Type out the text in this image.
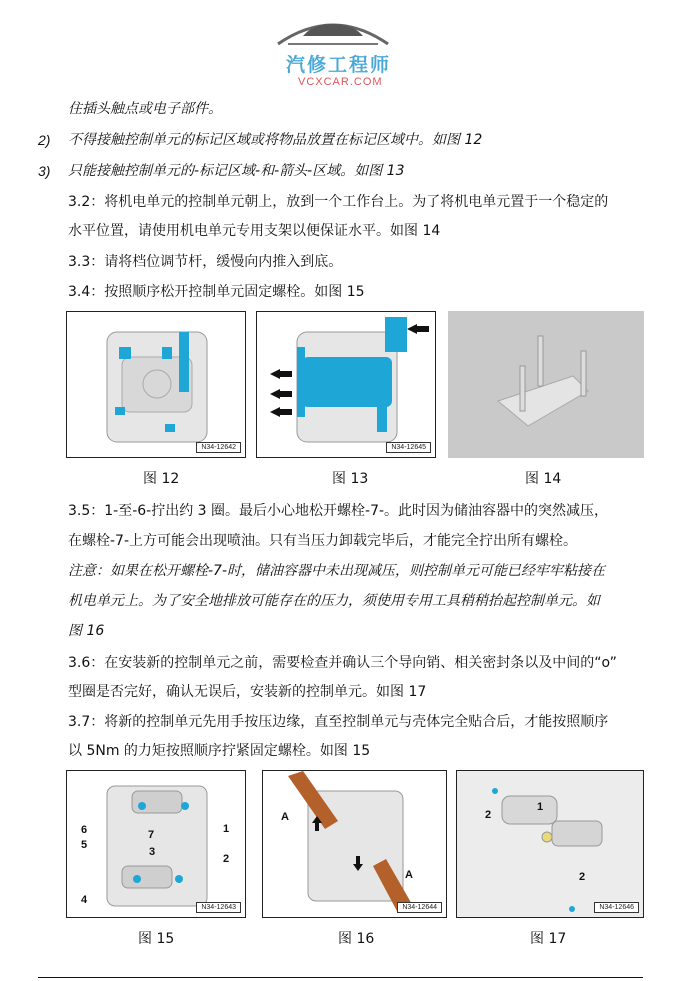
汽修工程师
VCXCAR.COM
住插头触点或电子部件。
2) 不得接触控制单元的标记区域或将物品放置在标记区域中。如图 12
3) 只能接触控制单元的-标记区域-和-箭头-区域。如图 13
3.2：将机电单元的控制单元朝上，放到一个工作台上。为了将机电单元置于一个稳定的
水平位置，请使用机电单元专用支架以便保证水平。如图 14
3.3：请将档位调节杆，缓慢向内推入到底。
3.4：按照顺序松开控制单元固定螺栓。如图 15
N34-12642	N34-12645
图 12	图 13	图 14
3.5：1-至-6-拧出约 3 圈。最后小心地松开螺栓-7-。此时因为储油容器中的突然减压，
在螺栓-7-上方可能会出现喷油。只有当压力卸载完毕后，才能完全拧出所有螺栓。
注意：如果在松开螺栓-7-时，储油容器中未出现减压，则控制单元可能已经牢牢粘接在
机电单元上。为了安全地排放可能存在的压力，须使用专用工具稍稍抬起控制单元。如
图 16
3.6：在安装新的控制单元之前，需要检查并确认三个导向销、相关密封条以及中间的“o”
型圈是否完好，确认无误后，安装新的控制单元。如图 17
3.7：将新的控制单元先用手按压边缘，直至控制单元与壳体完全贴合后，才能按照顺序
以 5Nm 的力矩按照顺序拧紧固定螺栓。如图 15
1
2
3
4
5
6	7
N34-12643
A
A
N34-12644
1
2
2
N34-12646
图 15	图 16	图 17
